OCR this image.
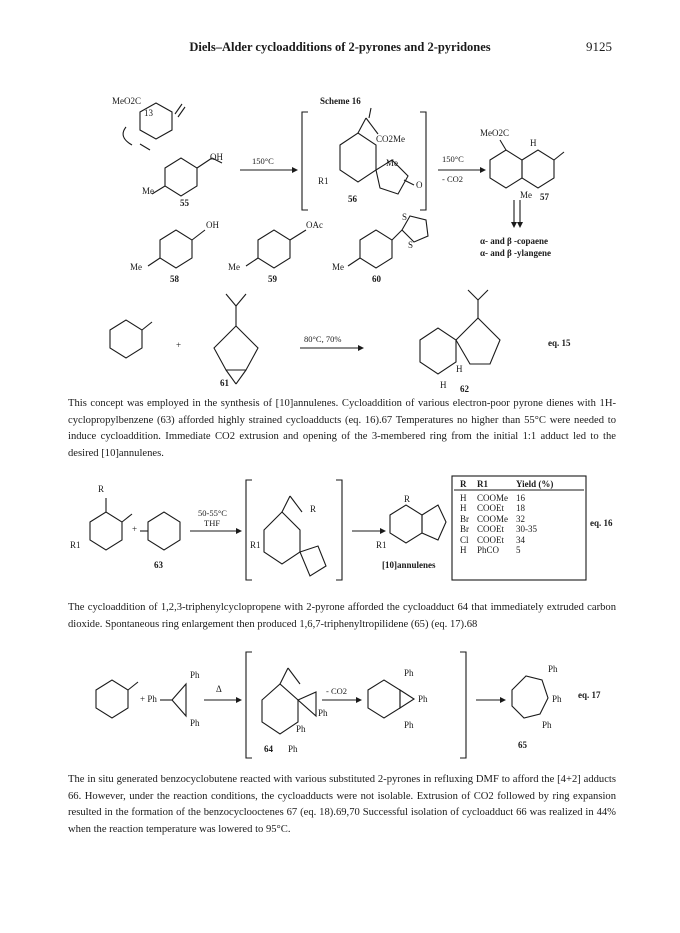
Diels–Alder cycloadditions of 2-pyrones and 2-pyridones	9125
Scheme 16
MeO2C
13
OH
Me
55
150°C
CO2Me
Me
R1
56
O
150°C
- CO2
MeO2C
H
Me 57
α- and β -copaene
α- and β -ylangene
OH
Me
58
OAc
Me
59
S
S
Me
60
+
80°C, 70%
61
H
H 62
eq. 15
This concept was employed in the synthesis of [10]annulenes. Cycloaddition of various electron-poor pyrone dienes with 1H-cyclopropylbenzene (63) afforded highly strained cycloadducts (eq. 16).67 Temperatures no higher than 55°C were needed to induce cycloaddition. Immediate CO2 extrusion and opening of the 3-membered ring from the initial 1:1 adduct led to the desired [10]annulenes.
R
R1
+
63
50-55°C
THF
R1
R
R
R1
[10]annulenes
eq. 16
R	R1	Yield (%)

H	COOMe	16
H	COOEt	18
Br	COOMe	32
Br	COOEt	30-35
Cl	COOEt	34
H	PhCO	5
The cycloaddition of 1,2,3-triphenylcyclopropene with 2-pyrone afforded the cycloadduct 64 that immediately extruded carbon dioxide. Spontaneous ring enlargement then produced 1,6,7-triphenyltropilidene (65) (eq. 17).68
+ Ph
Ph
Ph
Δ
Ph
Ph
Ph
64
- CO2
Ph
Ph
Ph
Ph
Ph
Ph
65
eq. 17
The in situ generated benzocyclobutene reacted with various substituted 2-pyrones in refluxing DMF to afford the [4+2] adducts 66. However, under the reaction conditions, the cycloadducts were not isolable. Extrusion of CO2 followed by ring expansion resulted in the formation of the benzocyclooctenes 67 (eq. 18).69,70 Successful isolation of cycloadduct 66 was realized in 44% when the reaction temperature was lowered to 95°C.
